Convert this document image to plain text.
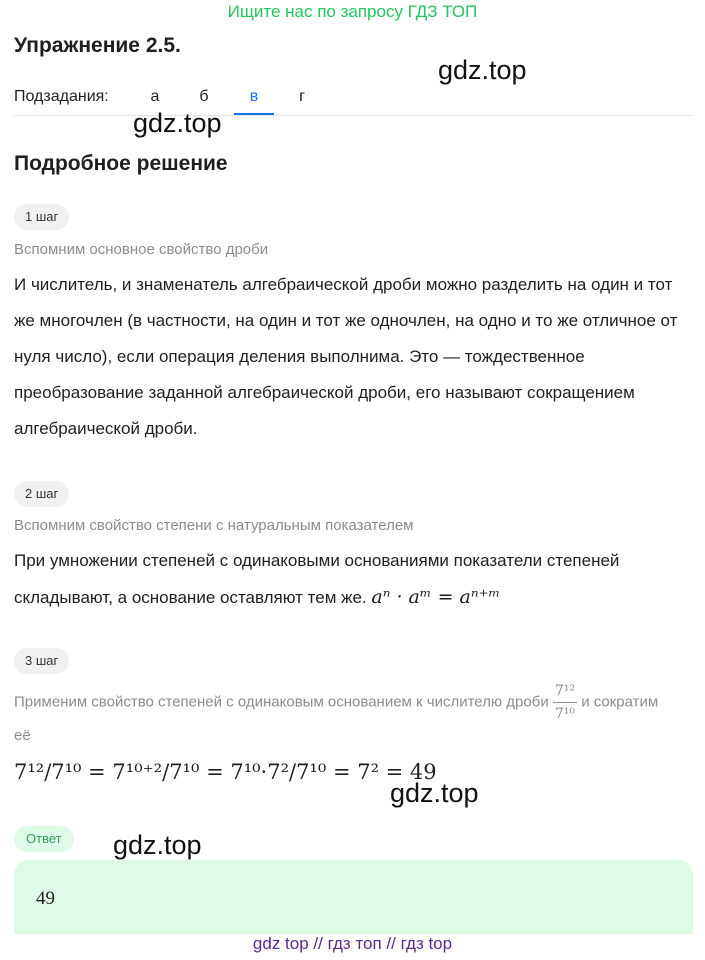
Ищите нас по запросу ГДЗ ТОП
Упражнение 2.5.
gdz.top
Подзадания:	а	б	в	г
gdz.top
Подробное решение
1 шаг
Вспомним основное свойство дроби
И числитель, и знаменатель алгебраической дроби можно разделить на один и тот же многочлен (в частности, на один и тот же одночлен, на одно и то же отличное от нуля число), если операция деления выполнима. Это — тождественное преобразование заданной алгебраической дроби, его называют сокращением алгебраической дроби.
2 шаг
Вспомним свойство степени с натуральным показателем
При умножении степеней с одинаковыми основаниями показатели степеней складывают, а основание оставляют тем же. aⁿ · aᵐ = aⁿ⁺ᵐ
3 шаг
Применим свойство степеней с одинаковым основанием к числителю дроби $\frac{\text{7¹²}}{\text{7¹⁰}}$ и сократим её
7¹²/7¹⁰ = 7¹⁰⁺²/7¹⁰ = 7¹⁰·7²/7¹⁰ = 7² = 49
gdz.top
gdz.top
Ответ
49
gdz top // гдз топ // гдз top
